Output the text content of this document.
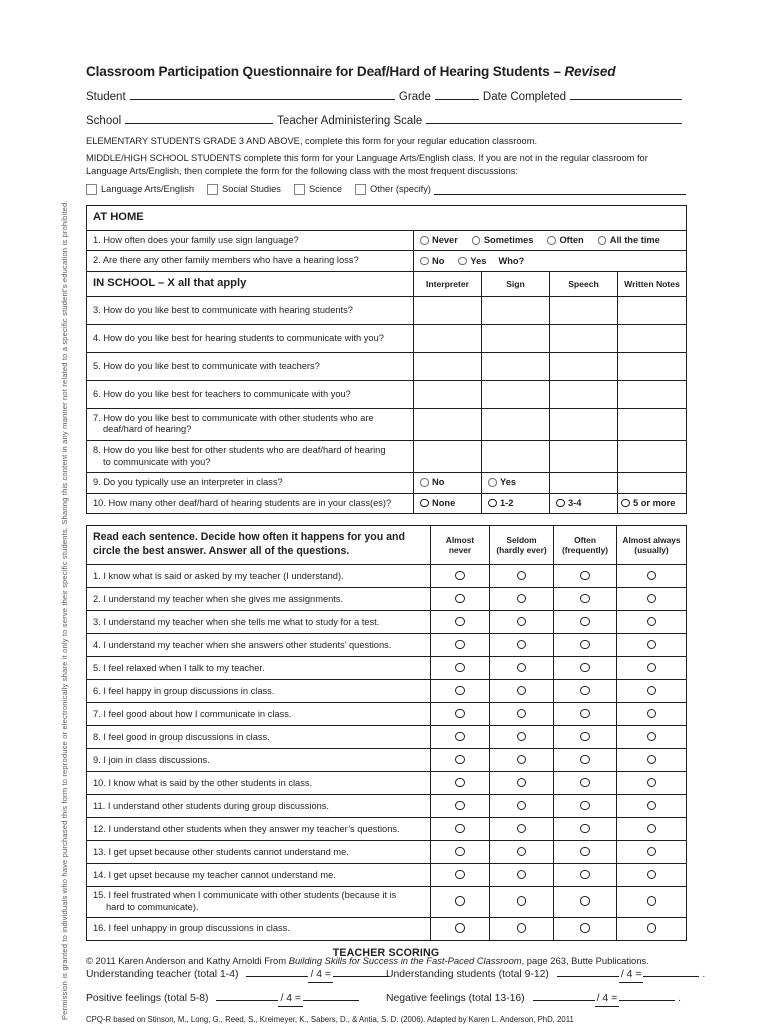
Permission is granted to individuals who have purchased this form to reproduce or electronically share it only to serve their specific students. Sharing this content in any manner not related to a specific student's education is prohibited.
Classroom Participation Questionnaire for Deaf/Hard of Hearing Students – Revised
Student	Grade	Date Completed
School	Teacher Administering Scale
ELEMENTARY STUDENTS GRADE 3 AND ABOVE, complete this form for your regular education classroom.
MIDDLE/HIGH SCHOOL STUDENTS complete this form for your Language Arts/English class. If you are not in the regular classroom for Language Arts/English, then complete the form for the following class with the most frequent discussions:
Language Arts/English	Social Studies	Science	Other (specify)
AT HOME				
1. How often does your family use sign language?	Never Sometimes Often All the time			

2. Are there any other family members who have a hearing loss?	No Yes Who?			

IN SCHOOL – X all that apply	Interpreter	Sign	Speech	Written Notes
3. How do you like best to communicate with hearing students?				
4. How do you like best for hearing students to communicate with you?				
5. How do you like best to communicate with teachers?				
6. How do you like best for teachers to communicate with you?				
7. How do you like best to communicate with other students who are
deaf/hard of hearing?				

8. How do you like best for other students who are deaf/hard of hearing
to communicate with you?				

9. Do you typically use an interpreter in class?	No	Yes		

10. How many other deaf/hard of hearing students are in your class(es)?	None	1-2	3-4	5 or more
Read each sentence. Decide how often it happens for you and
circle the best answer. Answer all of the questions.	Almost
never	Seldom
(hardly ever)	Often
(frequently)	Almost always
(usually)
1. I know what is said or asked by my teacher (I understand).				
2. I understand my teacher when she gives me assignments.				
3. I understand my teacher when she tells me what to study for a test.				
4. I understand my teacher when she answers other students’ questions.				
5. I feel relaxed when I talk to my teacher.				
6. I feel happy in group discussions in class.				
7. I feel good about how I communicate in class.				
8. I feel good in group discussions in class.				
9. I join in class discussions.				
10. I know what is said by the other students in class.				
11. I understand other students during group discussions.				
12. I understand other students when they answer my teacher’s questions.				
13. I get upset because other students cannot understand me.				
14. I get upset because my teacher cannot understand me.				
15. I feel frustrated when I communicate with other students (because it is
hard to communicate).				

16. I feel unhappy in group discussions in class.				
TEACHER SCORING
Understanding teacher (total 1-4)	/ 4 =	Understanding students (total 9-12)	/ 4 =	.
Positive feelings (total 5-8)	/ 4 =	Negative feelings (total 13-16)	/ 4 =	.
CPQ-R based on Stinson, M., Long, G., Reed, S., Kreimeyer, K., Sabers, D., & Antia, S. D. (2006). Adapted by Karen L. Anderson, PhD, 2011
© 2011 Karen Anderson and Kathy Arnoldi From Building Skills for Success in the Fast-Paced Classroom, page 263, Butte Publications.
